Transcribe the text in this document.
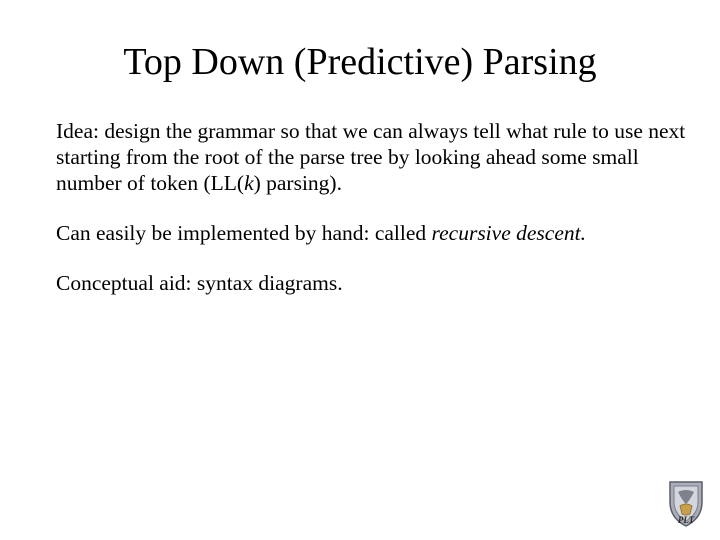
Top Down (Predictive) Parsing

Idea: design the grammar so that we can always tell what rule to use next starting from the root of the parse tree by looking ahead some small number of token (LL(k) parsing).

Can easily be implemented by hand: called recursive descent.

Conceptual aid: syntax diagrams.

PLT
